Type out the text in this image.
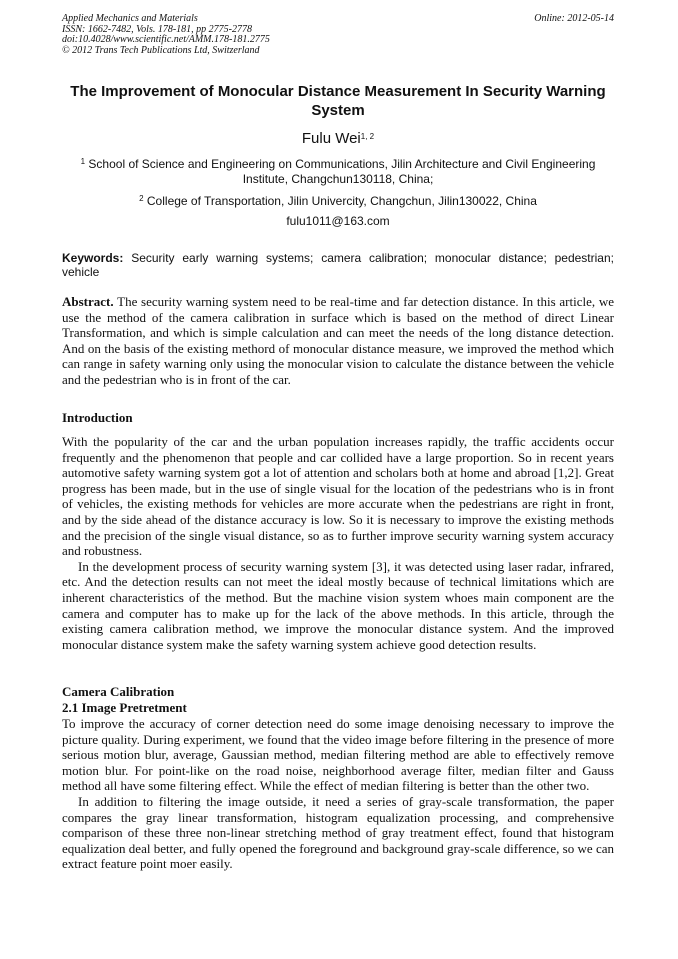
Applied Mechanics and Materials
ISSN: 1662-7482, Vols. 178-181, pp 2775-2778
doi:10.4028/www.scientific.net/AMM.178-181.2775
© 2012 Trans Tech Publications Ltd, Switzerland
Online: 2012-05-14
The Improvement of Monocular Distance Measurement In Security Warning System
Fulu Wei$^{1, 2}$
$^1$ School of Science and Engineering on Communications, Jilin Architecture and Civil Engineering Institute, Changchun130118, China;
$^2$ College of Transportation, Jilin Univercity, Changchun, Jilin130022, China
fulu1011@163.com
Keywords: Security early warning systems; camera calibration; monocular distance; pedestrian; vehicle

Abstract. The security warning system need to be real-time and far detection distance. In this article, we use the method of the camera calibration in surface which is based on the method of direct Linear Transformation, and which is simple calculation and can meet the needs of the long distance detection. And on the basis of the existing methord of monocular distance measure, we improved the method which can range in safety warning only using the monocular vision to calculate the distance between the vehicle and the pedestrian who is in front of the car.

Introduction

With the popularity of the car and the urban population increases rapidly, the traffic accidents occur frequently and the phenomenon that people and car collided have a large proportion. So in recent years automotive safety warning system got a lot of attention and scholars both at home and abroad [1,2]. Great progress has been made, but in the use of single visual for the location of the pedestrians who is in front of vehicles, the existing methods for vehicles are more accurate when the pedestrians are right in front, and by the side ahead of the distance accuracy is low. So it is necessary to improve the existing methods and the precision of the single visual distance, so as to further improve security warning system accuracy and robustness.

In the development process of security warning system [3], it was detected using laser radar, infrared, etc. And the detection results can not meet the ideal mostly because of technical limitations which are inherent characteristics of the method. But the machine vision system whoes main component are the camera and computer has to make up for the lack of the above methods. In this article, through the existing camera calibration method, we improve the monocular distance system. And the improved monocular distance system make the safety warning system achieve good detection results.

Camera Calibration
2.1 Image Pretretment

To improve the accuracy of corner detection need do some image denoising necessary to improve the picture quality. During experiment, we found that the video image before filtering in the presence of more serious motion blur, average, Gaussian method, median filtering method are able to effectively remove motion blur. For point-like on the road noise, neighborhood average filter, median filter and Gauss method all have some filtering effect. While the effect of median filtering is better than the other two.

In addition to filtering the image outside, it need a series of gray-scale transformation, the paper compares the gray linear transformation, histogram equalization processing, and comprehensive comparison of these three non-linear stretching method of gray treatment effect, found that histogram equalization deal better, and fully opened the foreground and background gray-scale difference, so we can extract feature point moer easily.
